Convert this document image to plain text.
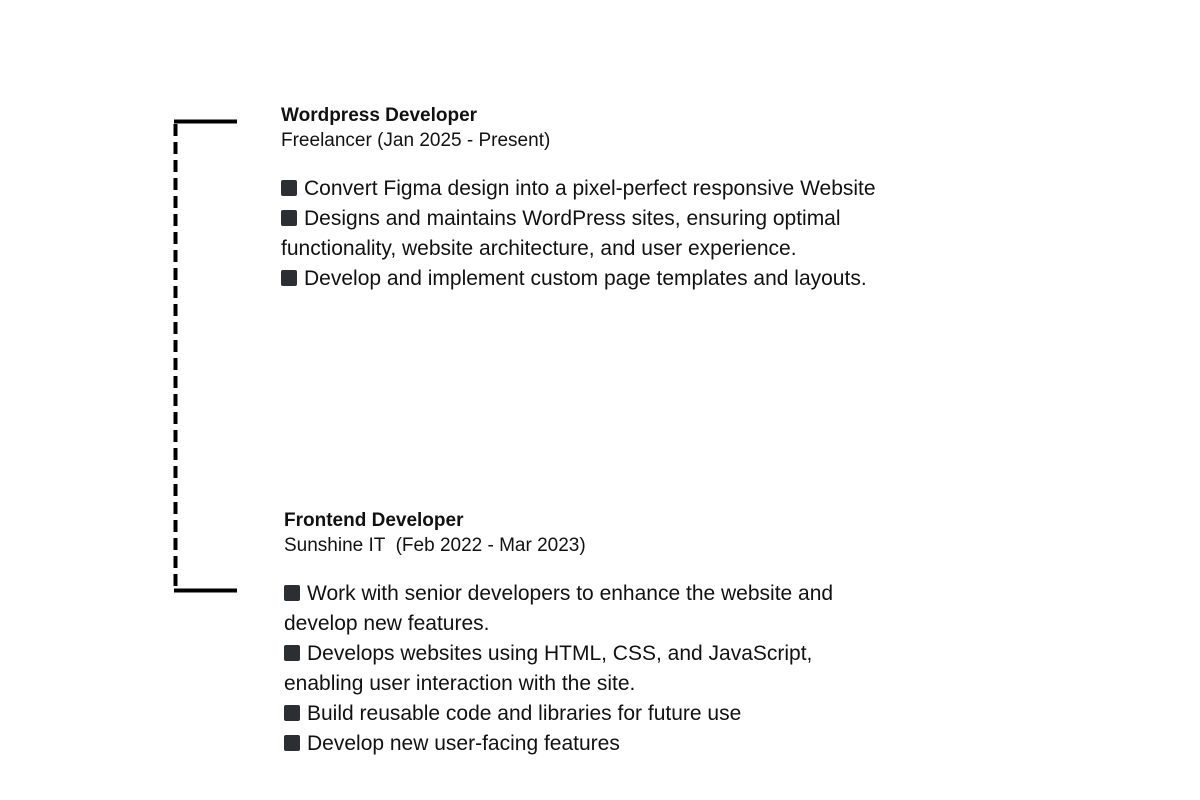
Wordpress Developer

Freelancer (Jan 2025 - Present)

Convert Figma design into a pixel-perfect responsive Website
Designs and maintains WordPress sites, ensuring optimal functionality, website architecture, and user experience.
Develop and implement custom page templates and layouts.

Frontend Developer

Sunshine IT  (Feb 2022 - Mar 2023)

Work with senior developers to enhance the website and develop new features.
Develops websites using HTML, CSS, and JavaScript, enabling user interaction with the site.
Build reusable code and libraries for future use
Develop new user-facing features
